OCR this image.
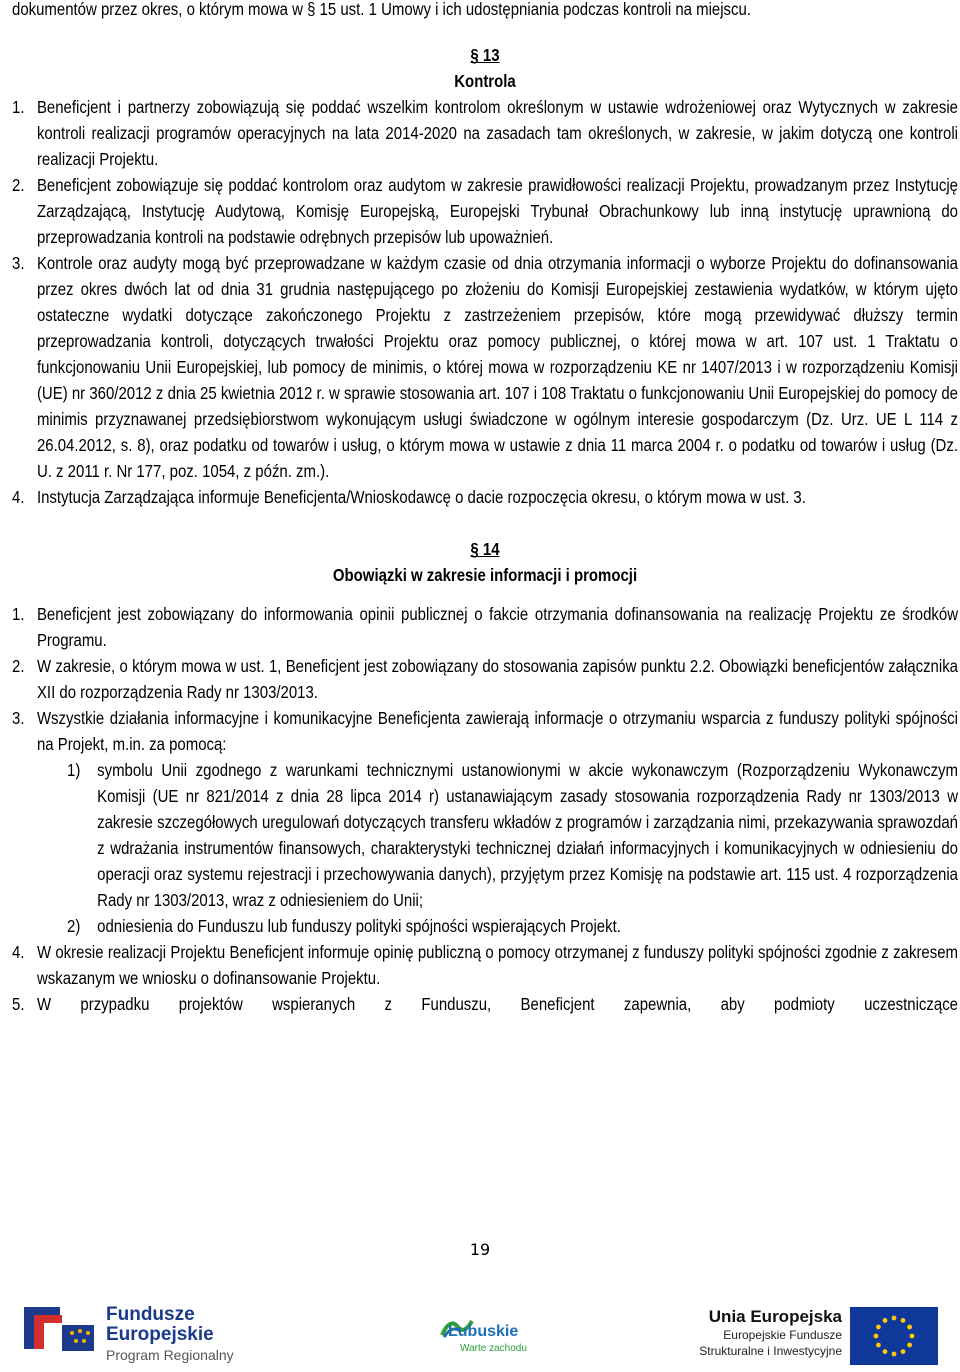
dokumentów przez okres, o którym mowa w § 15 ust. 1 Umowy i ich udostępniania podczas kontroli na miejscu.
§ 13
Kontrola
1. Beneficjent i partnerzy zobowiązują się poddać wszelkim kontrolom określonym w ustawie wdrożeniowej oraz Wytycznych w zakresie kontroli realizacji programów operacyjnych na lata 2014-2020 na zasadach tam określonych, w zakresie, w jakim dotyczą one kontroli realizacji Projektu.
2. Beneficjent zobowiązuje się poddać kontrolom oraz audytom w zakresie prawidłowości realizacji Projektu, prowadzanym przez Instytucję Zarządzającą, Instytucję Audytową, Komisję Europejską, Europejski Trybunał Obrachunkowy lub inną instytucję uprawnioną do przeprowadzania kontroli na podstawie odrębnych przepisów lub upoważnień.
3. Kontrole oraz audyty mogą być przeprowadzane w każdym czasie od dnia otrzymania informacji o wyborze Projektu do dofinansowania przez okres dwóch lat od dnia 31 grudnia następującego po złożeniu do Komisji Europejskiej zestawienia wydatków, w którym ujęto ostateczne wydatki dotyczące zakończonego Projektu z zastrzeżeniem przepisów, które mogą przewidywać dłuższy termin przeprowadzania kontroli, dotyczących trwałości Projektu oraz pomocy publicznej, o której mowa w art. 107 ust. 1 Traktatu o funkcjonowaniu Unii Europejskiej, lub pomocy de minimis, o której mowa w rozporządzeniu KE nr 1407/2013 i w rozporządzeniu Komisji (UE) nr 360/2012 z dnia 25 kwietnia 2012 r. w sprawie stosowania art. 107 i 108 Traktatu o funkcjonowaniu Unii Europejskiej do pomocy de minimis przyznawanej przedsiębiorstwom wykonującym usługi świadczone w ogólnym interesie gospodarczym (Dz. Urz. UE L 114 z 26.04.2012, s. 8), oraz podatku od towarów i usług, o którym mowa w ustawie z dnia 11 marca 2004 r. o podatku od towarów i usług (Dz. U. z 2011 r. Nr 177, poz. 1054, z późn. zm.).
4. Instytucja Zarządzająca informuje Beneficjenta/Wnioskodawcę o dacie rozpoczęcia okresu, o którym mowa w ust. 3.
§ 14
Obowiązki w zakresie informacji i promocji
1. Beneficjent jest zobowiązany do informowania opinii publicznej o fakcie otrzymania dofinansowania na realizację Projektu ze środków Programu.
2. W zakresie, o którym mowa w ust. 1, Beneficjent jest zobowiązany do stosowania zapisów punktu 2.2. Obowiązki beneficjentów załącznika XII do rozporządzenia Rady nr 1303/2013.
3. Wszystkie działania informacyjne i komunikacyjne Beneficjenta zawierają informacje o otrzymaniu wsparcia z funduszy polityki spójności na Projekt, m.in. za pomocą:
1) symbolu Unii zgodnego z warunkami technicznymi ustanowionymi w akcie wykonawczym (Rozporządzeniu Wykonawczym Komisji (UE nr 821/2014 z dnia 28 lipca 2014 r) ustanawiającym zasady stosowania rozporządzenia Rady nr 1303/2013 w zakresie szczegółowych uregulowań dotyczących transferu wkładów z programów i zarządzania nimi, przekazywania sprawozdań z wdrażania instrumentów finansowych, charakterystyki technicznej działań informacyjnych i komunikacyjnych w odniesieniu do operacji oraz systemu rejestracji i przechowywania danych), przyjętym przez Komisję na podstawie art. 115 ust. 4 rozporządzenia Rady nr 1303/2013, wraz z odniesieniem do Unii;
2) odniesienia do Funduszu lub funduszy polityki spójności wspierających Projekt.
4. W okresie realizacji Projektu Beneficjent informuje opinię publiczną o pomocy otrzymanej z funduszy polityki spójności zgodnie z zakresem wskazanym we wniosku o dofinansowanie Projektu.
5. W przypadku projektów wspieranych z Funduszu, Beneficjent zapewnia, aby podmioty uczestniczące
19
Fundusze
Europejskie
Program Regionalny
Lubuskie
Warte zachodu
Unia Europejska
Europejskie Fundusze
Strukturalne i Inwestycyjne
